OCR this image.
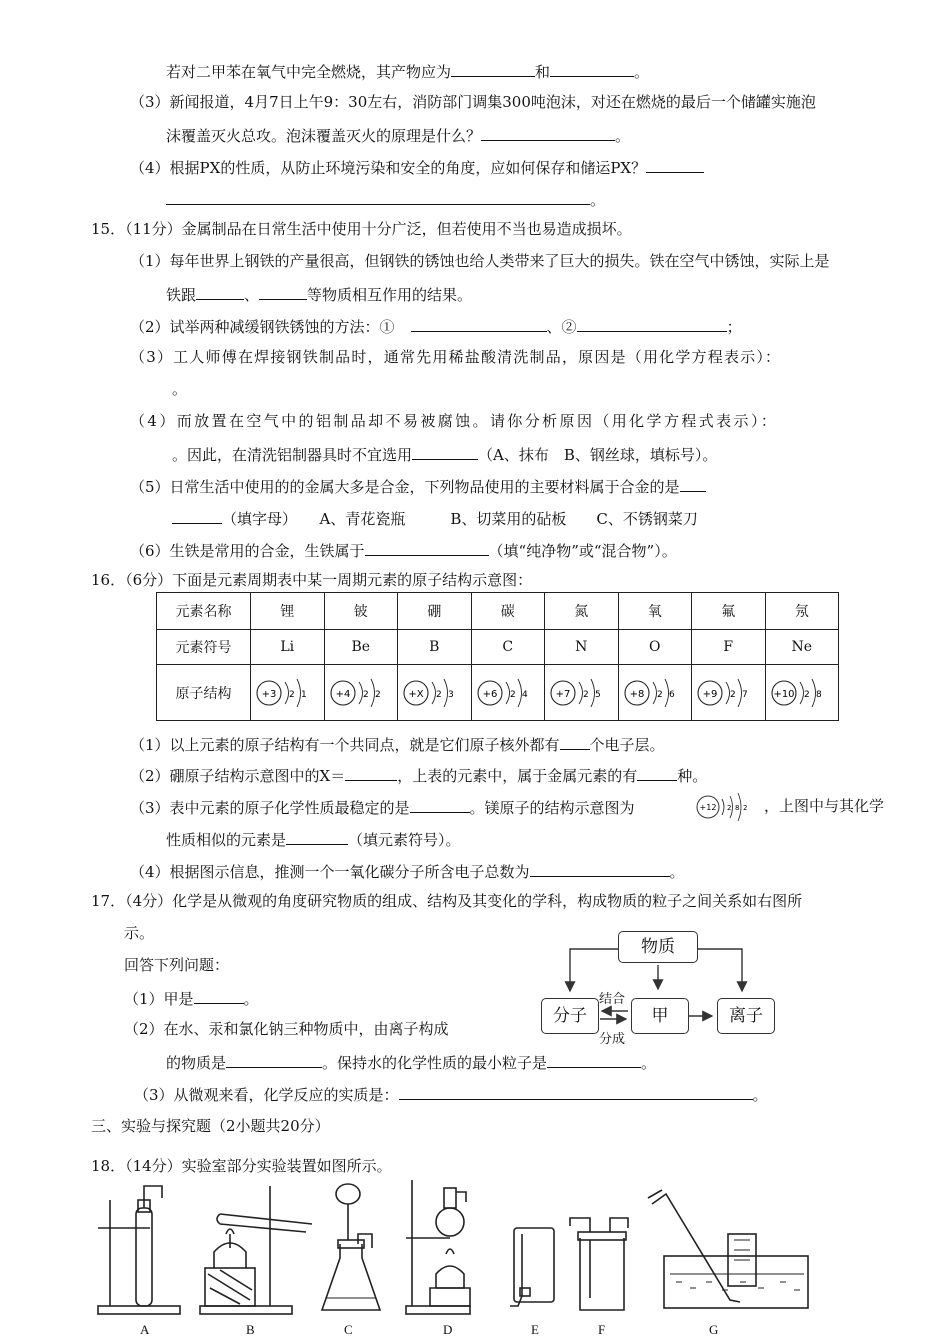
若对二甲苯在氧气中完全燃烧，其产物应为	和	。
（3）新闻报道，4月7日上午9：30左右，消防部门调集300吨泡沫，对还在燃烧的最后一个储罐实施泡
沫覆盖灭火总攻。泡沫覆盖灭火的原理是什么？	。
（4）根据PX的性质，从防止环境污染和安全的角度，应如何保存和储运PX？
。
15．（11分）金属制品在日常生活中使用十分广泛，但若使用不当也易造成损坏。
（1）每年世界上钢铁的产量很高，但钢铁的锈蚀也给人类带来了巨大的损失。铁在空气中锈蚀，实际上是
铁跟	、	等物质相互作用的结果。
（2）试举两种减缓钢铁锈蚀的方法：①	、②	；
（3）工人师傅在焊接钢铁制品时，通常先用稀盐酸清洗制品，原因是（用化学方程表示）：
。
（4）而放置在空气中的铝制品却不易被腐蚀。请你分析原因（用化学方程式表示）：
。因此，在清洗铝制器具时不宜选用	（A、抹布　B、钢丝球，填标号）。
（5）日常生活中使用的的金属大多是合金，下列物品使用的主要材料属于合金的是
（填字母）　　A、青花瓷瓶　　　B、切菜用的砧板　　C、不锈钢菜刀
（6）生铁是常用的合金，生铁属于	（填“纯净物”或“混合物”）。
16．（6分）下面是元素周期表中某一周期元素的原子结构示意图：
元素名称	锂	铍	硼	碳	氮	氧	氟	氖
元素符号	Li	Be	B	C	N	O	F	Ne
原子结构	+3 2 1	+4 2 2	+X 2 3	+6 2 4	+7 2 5	+8 2 6	+9 2 7	+10 2 8
（1）以上元素的原子结构有一个共同点，就是它们原子核外都有 个电子层。
（2）硼原子结构示意图中的X＝	，上表的元素中，属于金属元素的有	种。
（3）表中元素的原子化学性质最稳定的是	。镁原子的结构示意图为	+12 2 8 2 ，上图中与其化学
性质相似的元素是	（填元素符号）。
（4）根据图示信息，推测一个一氧化碳分子所含电子总数为	。
17．（4分）化学是从微观的角度研究物质的组成、结构及其变化的学科，构成物质的粒子之间关系如右图所
示。
回答下列问题：
（1）甲是	。
（2）在水、汞和氯化钠三种物质中，由离子构成
的物质是	。保持水的化学性质的最小粒子是	。
（3）从微观来看，化学反应的实质是：	。
物质
分子	甲	离子
结合
分成
三、实验与探究题（2小题共20分）
18．（14分）实验室部分实验装置如图所示。
A	B	C	D	E	F	G
